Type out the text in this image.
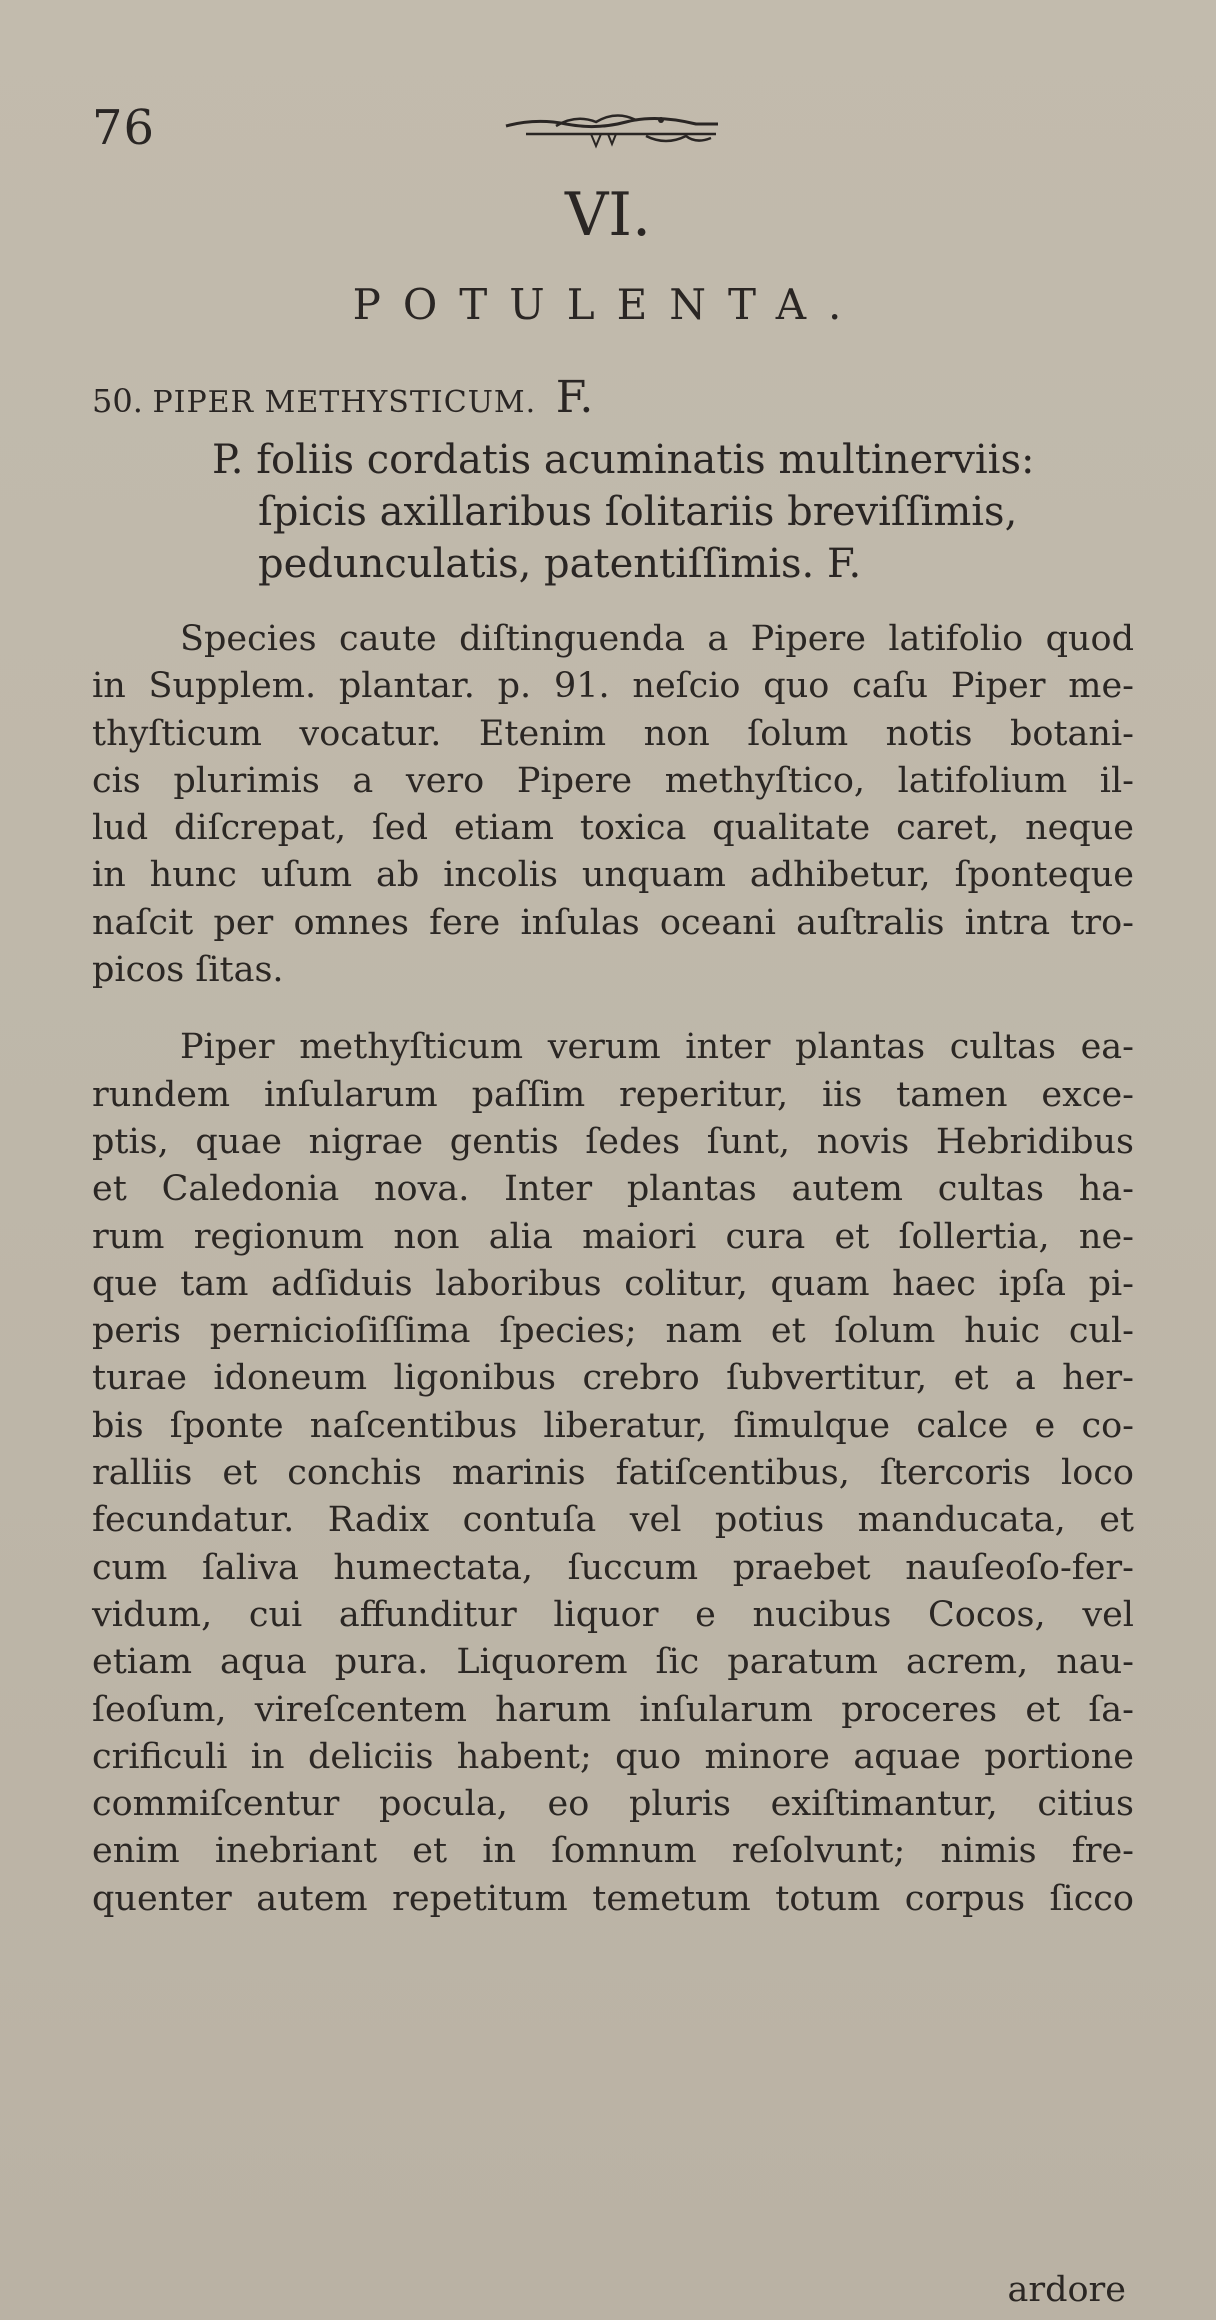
76
VI.
POTULENTA.
50. PIPER METHYSTICUM. F.
P. foliis cordatis acuminatis multinerviis:
ſpicis axillaribus ſolitariis breviſſimis,
pedunculatis, patentiſſimis. F.
Species caute diſtinguenda a Pipere latifolio quod
in Supplem. plantar. p. 91. neſcio quo caſu Piper me-
thyſticum vocatur. Etenim non ſolum notis botani-
cis plurimis a vero Pipere methyſtico, latifolium il-
lud diſcrepat, ſed etiam toxica qualitate caret, neque
in hunc uſum ab incolis unquam adhibetur, ſponteque
naſcit per omnes fere inſulas oceani auſtralis intra tro-
picos ſitas.
Piper methyſticum verum inter plantas cultas ea-
rundem inſularum paſſim reperitur, iis tamen exce-
ptis, quae nigrae gentis ſedes ſunt, novis Hebridibus
et Caledonia nova. Inter plantas autem cultas ha-
rum regionum non alia maiori cura et ſollertia, ne-
que tam adſiduis laboribus colitur, quam haec ipſa pi-
peris pernicioſiſſima ſpecies; nam et ſolum huic cul-
turae idoneum ligonibus crebro ſubvertitur, et a her-
bis ſponte naſcentibus liberatur, ſimulque calce e co-
ralliis et conchis marinis fatiſcentibus, ſtercoris loco
fecundatur. Radix contuſa vel potius manducata, et
cum ſaliva humectata, ſuccum praebet nauſeoſo-fer-
vidum, cui affunditur liquor e nucibus Cocos, vel
etiam aqua pura. Liquorem ſic paratum acrem, nau-
ſeoſum, vireſcentem harum inſularum proceres et ſa-
crificuli in deliciis habent; quo minore aquae portione
commiſcentur pocula, eo pluris exiſtimantur, citius
enim inebriant et in ſomnum reſolvunt; nimis fre-
quenter autem repetitum temetum totum corpus ſicco
ardore
